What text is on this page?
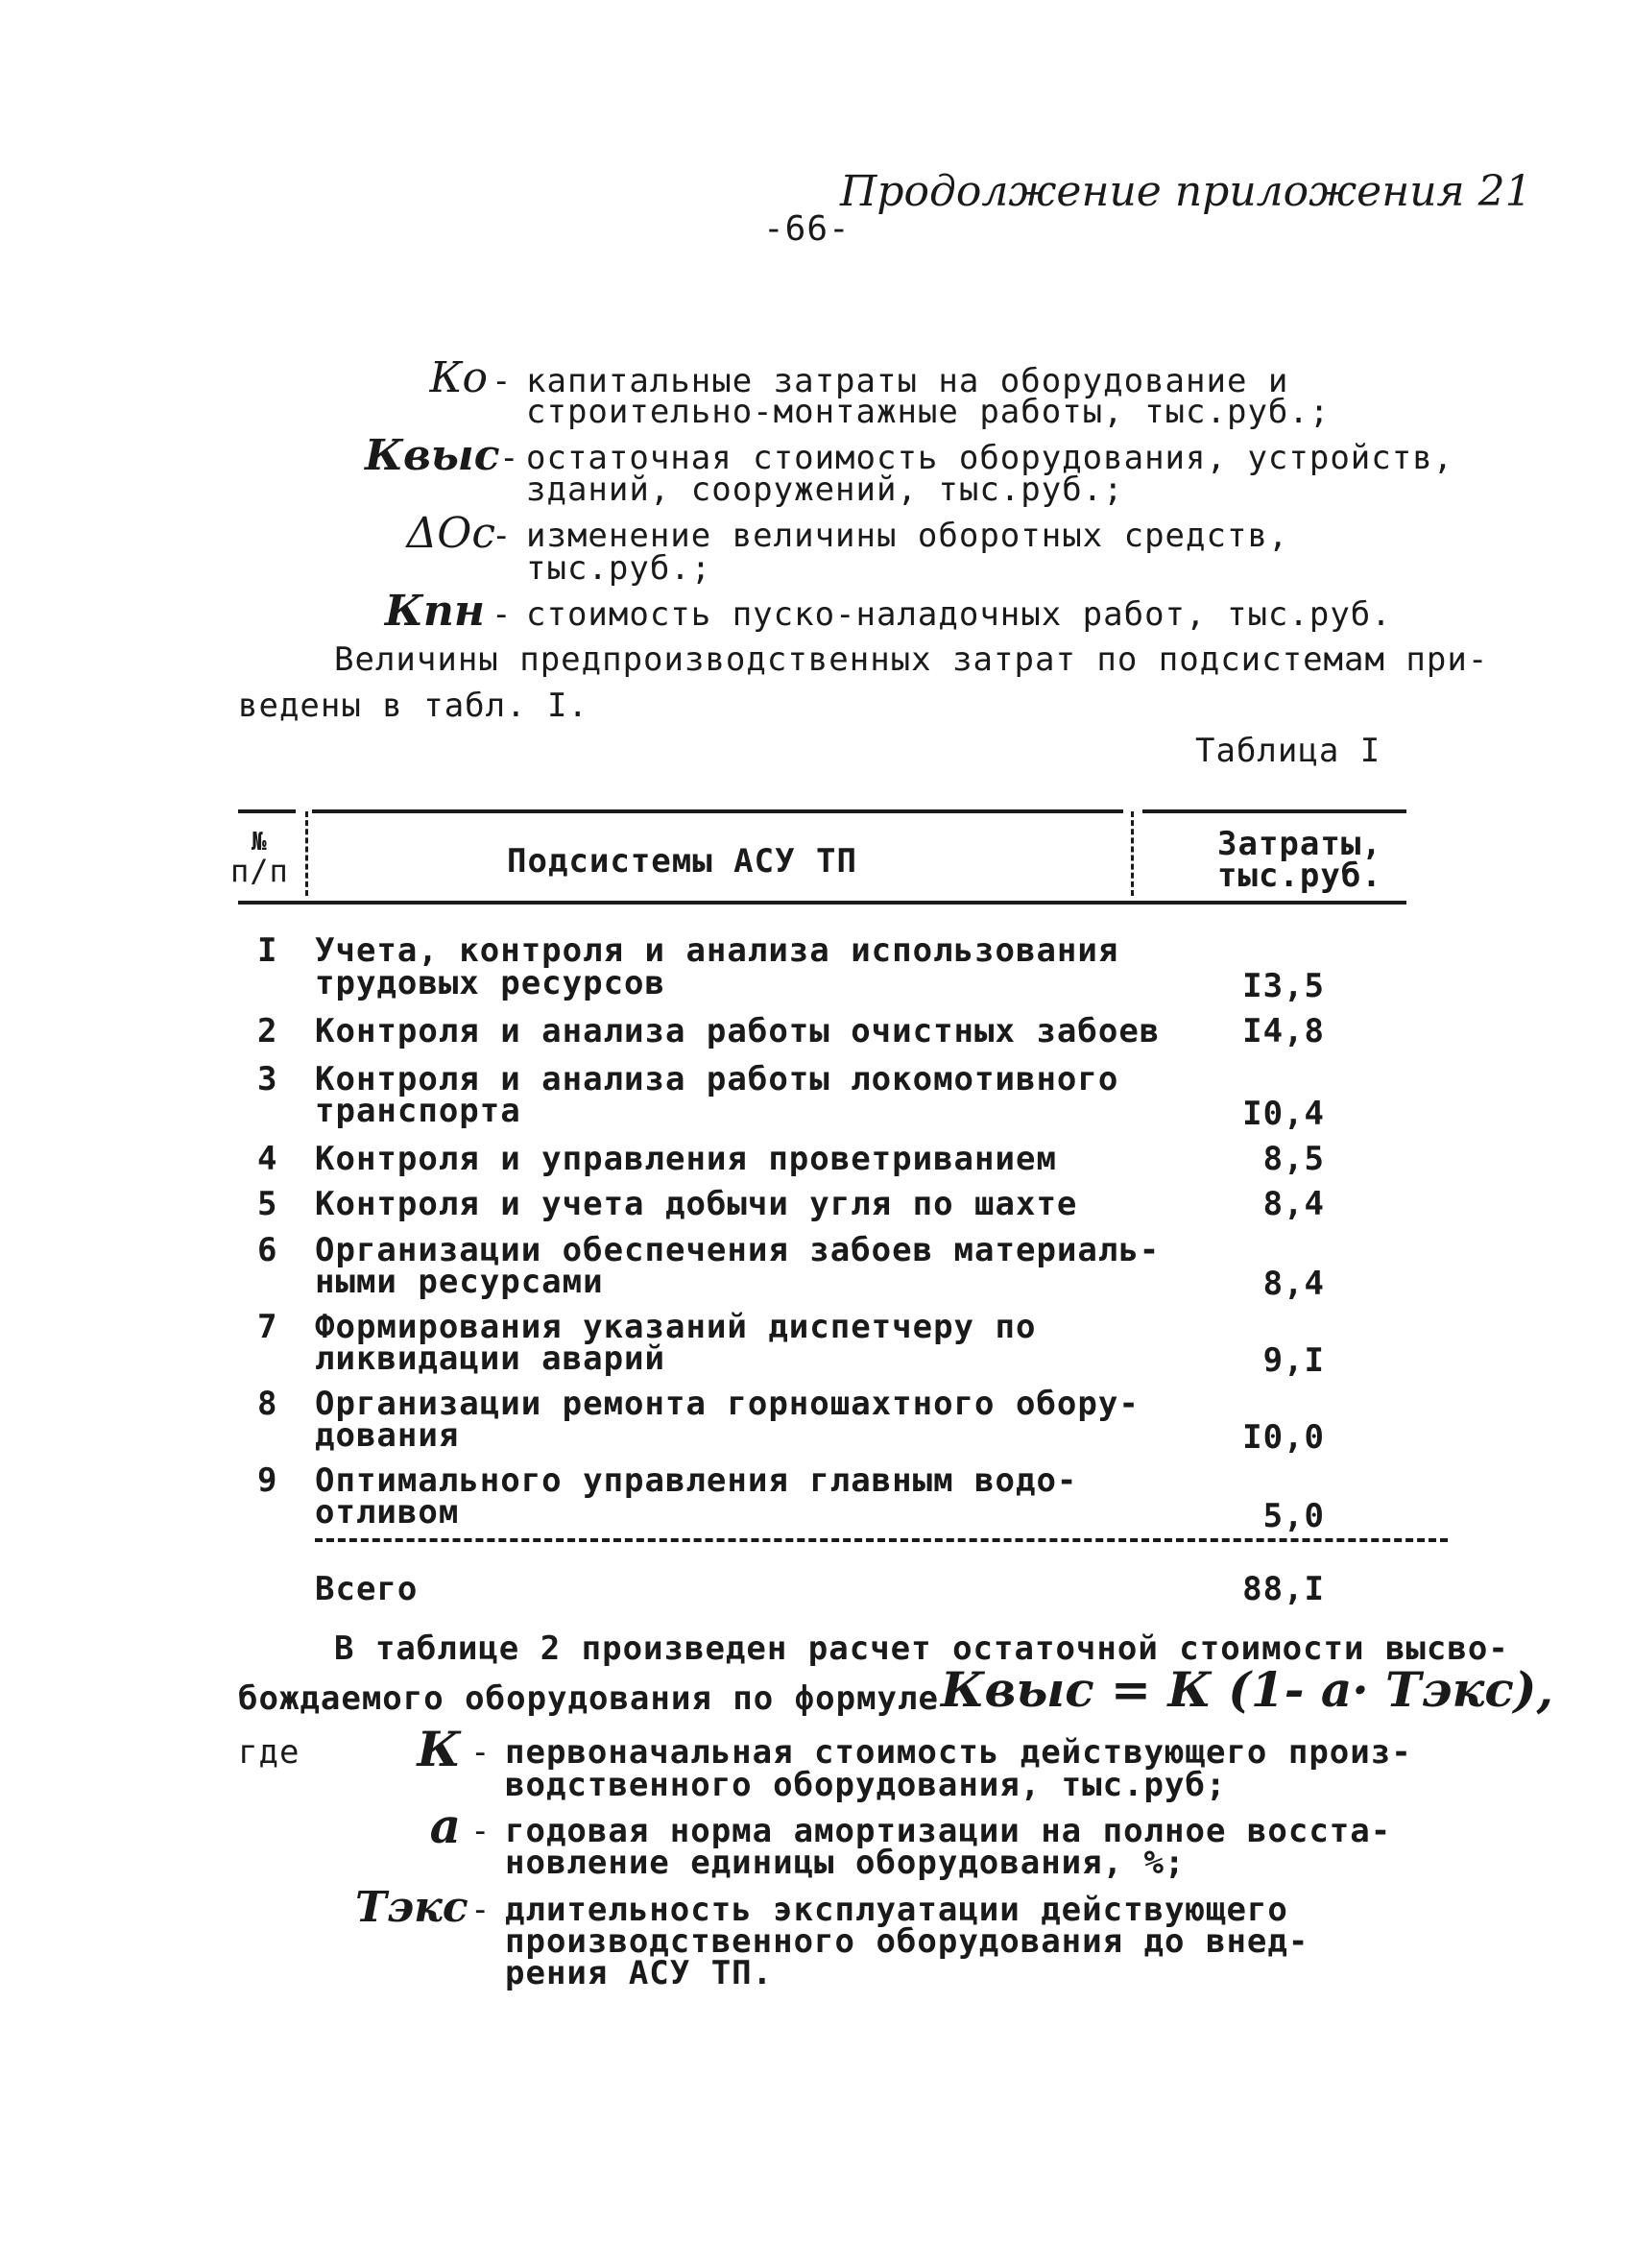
Продолжение приложения 21
-66-
Ко - капитальные затраты на оборудование и
строительно-монтажные работы, тыс.руб.;
Квыс - остаточная стоимость оборудования, устройств,
зданий, сооружений, тыс.руб.;
ΔОс
- изменение величины оборотных средств,
тыс.руб.;
Кпн - стоимость пуско-наладочных работ, тыс.руб.
Величины предпроизводственных затрат по подсистемам при-
ведены в табл. I.
Таблица I
№
п/п	Подсистемы АСУ ТП	Затраты,
тыс.руб.
I Учета, контроля и анализа использования
трудовых ресурсов	I3,5
2 Контроля и анализа работы очистных забоев	I4,8
3 Контроля и анализа работы локомотивного
транспорта	I0,4
4 Контроля и управления проветриванием	8,5
5 Контроля и учета добычи угля по шахте	8,4
6 Организации обеспечения забоев материаль-
ными ресурсами	8,4
7 Формирования указаний диспетчеру по
ликвидации аварий	9,I
8 Организации ремонта горношахтного обору-
дования	I0,0
9 Оптимального управления главным водо-
отливом	5,0
Всего	88,I
В таблице 2 произведен расчет остаточной стоимости высво-
бождаемого оборудования по формуле Квыс = К (1- а· Тэкс),
где	К - первоначальная стоимость действующего произ-
водственного оборудования, тыс.руб;
а - годовая норма амортизации на полное восста-
новление единицы оборудования, %;
Тэкс - длительность эксплуатации действующего
производственного оборудования до внед-
рения АСУ ТП.
